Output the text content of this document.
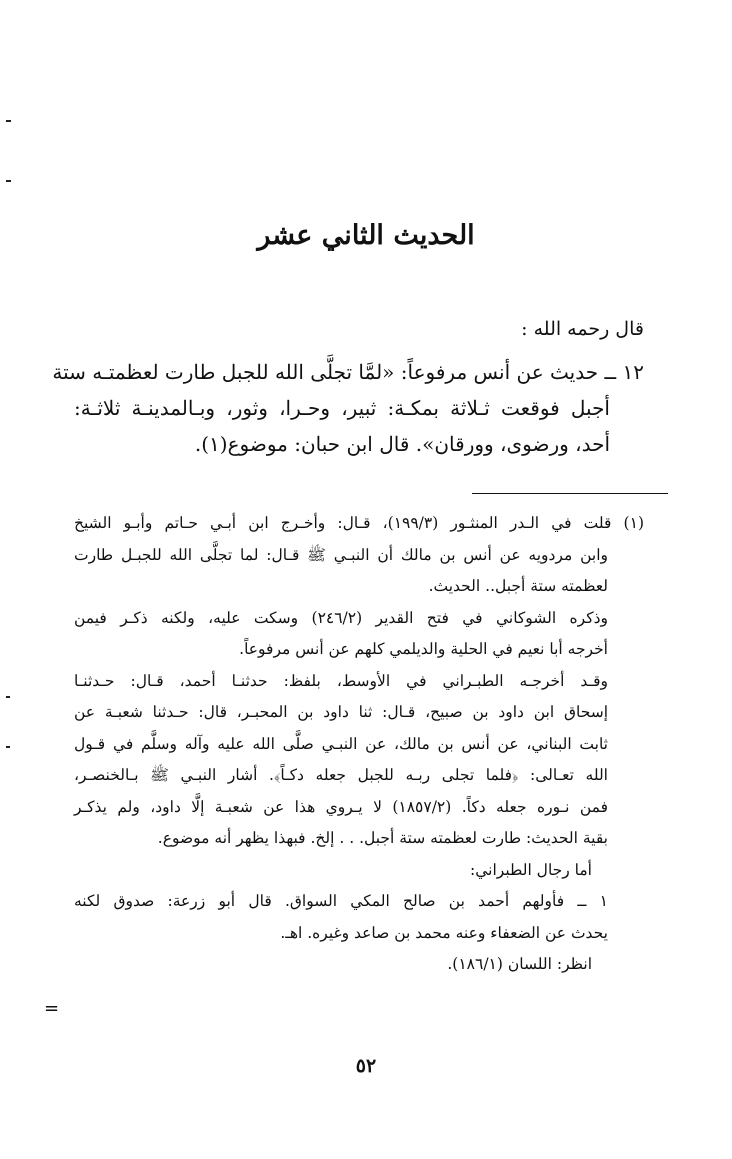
=
الحديث الثاني عشر
قال رحمه الله :
١٢ ــ حديث عن أنس مرفوعاً: «لمَّا تجلَّى الله للجبل طارت لعظمتـه ستة
أجبل فوقعت ثـلاثة بمكـة: ثبير، وحـرا، وثور، وبـالمدينـة ثلاثـة:
أحد، ورضوى، وورقان». قال ابن حبان: موضوع(١).
(١) قلت في الـدر المنثـور (١٩٩/٣)، قـال: وأخـرج ابن أبـي حـاتم وأبـو الشيخ
وابن مردويه عن أنس بن مالك أن النبـي ﷺ قـال: لما تجلَّى الله للجبـل طارت
لعظمته ستة أجبل.. الحديث.
وذكره الشوكاني في فتح القدير (٢٤٦/٢) وسكت عليه، ولكنه ذكـر فيمن
أخرجه أبا نعيم في الحلية والديلمي كلهم عن أنس مرفوعاً.
وقـد أخرجـه الطبـراني في الأوسط، بلفظ: حدثنـا أحمد، قـال: حـدثنـا
إسحاق ابن داود بن صبيح، قـال: ثنا داود بن المحبـر، قال: حـدثنا شعبـة عن
ثابت البناني، عن أنس بن مالك، عن النبـي صلَّى الله عليه وآله وسلَّم في قـول
الله تعـالى: ﴿فلما تجلى ربـه للجبل جعله دكـاً﴾. أشار النبـي ﷺ بـالخنصـر،
فمن نـوره جعله دكاً. (١٨٥٧/٢) لا يـروي هذا عن شعبـة إلَّا داود، ولم يذكـر
بقية الحديث: طارت لعظمته ستة أجبل. . . إلخ. فبهذا يظهر أنه موضوع.
أما رجال الطبراني:
١ ــ فأولهم أحمد بن صالح المكي السواق. قال أبو زرعة: صدوق لكنه
يحدث عن الضعفاء وعنه محمد بن صاعد وغيره. اهـ.
انظر: اللسان (١٨٦/١).
٥٢
